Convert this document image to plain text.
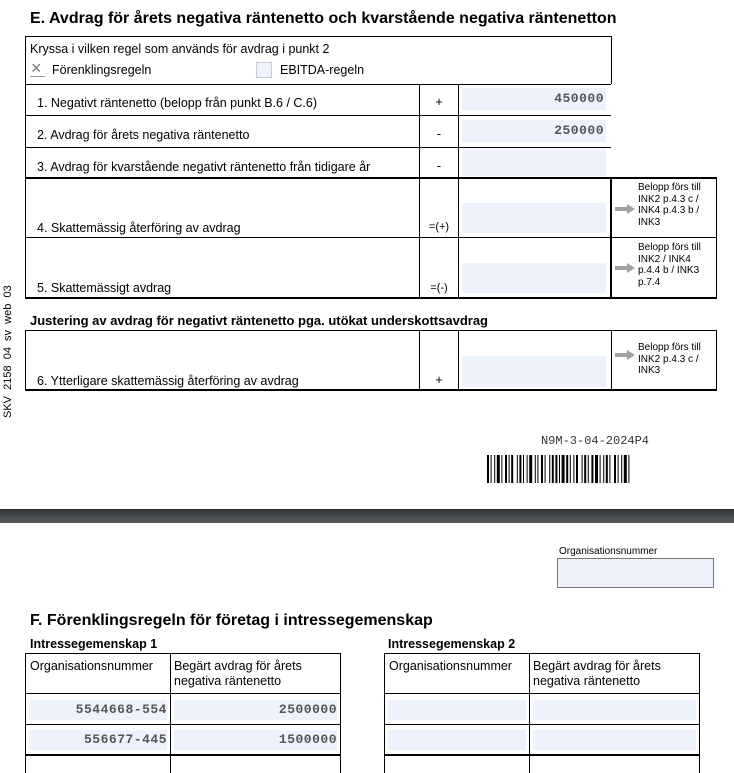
SKV  2158  04  sv  web  03
E. Avdrag för årets negativa räntenetto och kvarstående negativa räntenetton
Kryssa i vilken regel som används för avdrag i punkt 2
× Förenklingsregeln	EBITDA-regeln
1. Negativt räntenetto (belopp från punkt B.6 / C.6)	+	450000
2. Avdrag för årets negativa räntenetto	-	250000
3. Avdrag för kvarstående negativt räntenetto från tidigare år	-
4. Skattemässig återföring av avdrag	=(+)
Belopp förs till
INK2 p.4.3 c /
INK4 p.4.3 b /
INK3
5. Skattemässigt avdrag	=(-)
Belopp förs till
INK2 / INK4
p.4.4 b / INK3
p.7.4
Justering av avdrag för negativt räntenetto pga. utökat underskottsavdrag
6. Ytterligare skattemässig återföring av avdrag	+
Belopp förs till
INK2 p.4.3 c /
INK3
N9M-3-04-2024P4
Organisationsnummer
F. Förenklingsregeln för företag i intressegemenskap
Intressegemenskap 1
Organisationsnummer Begärt avdrag för årets negativa räntenetto
5544668-554	2500000
556677-445	1500000
Intressegemenskap 2
Organisationsnummer Begärt avdrag för årets negativa räntenetto
